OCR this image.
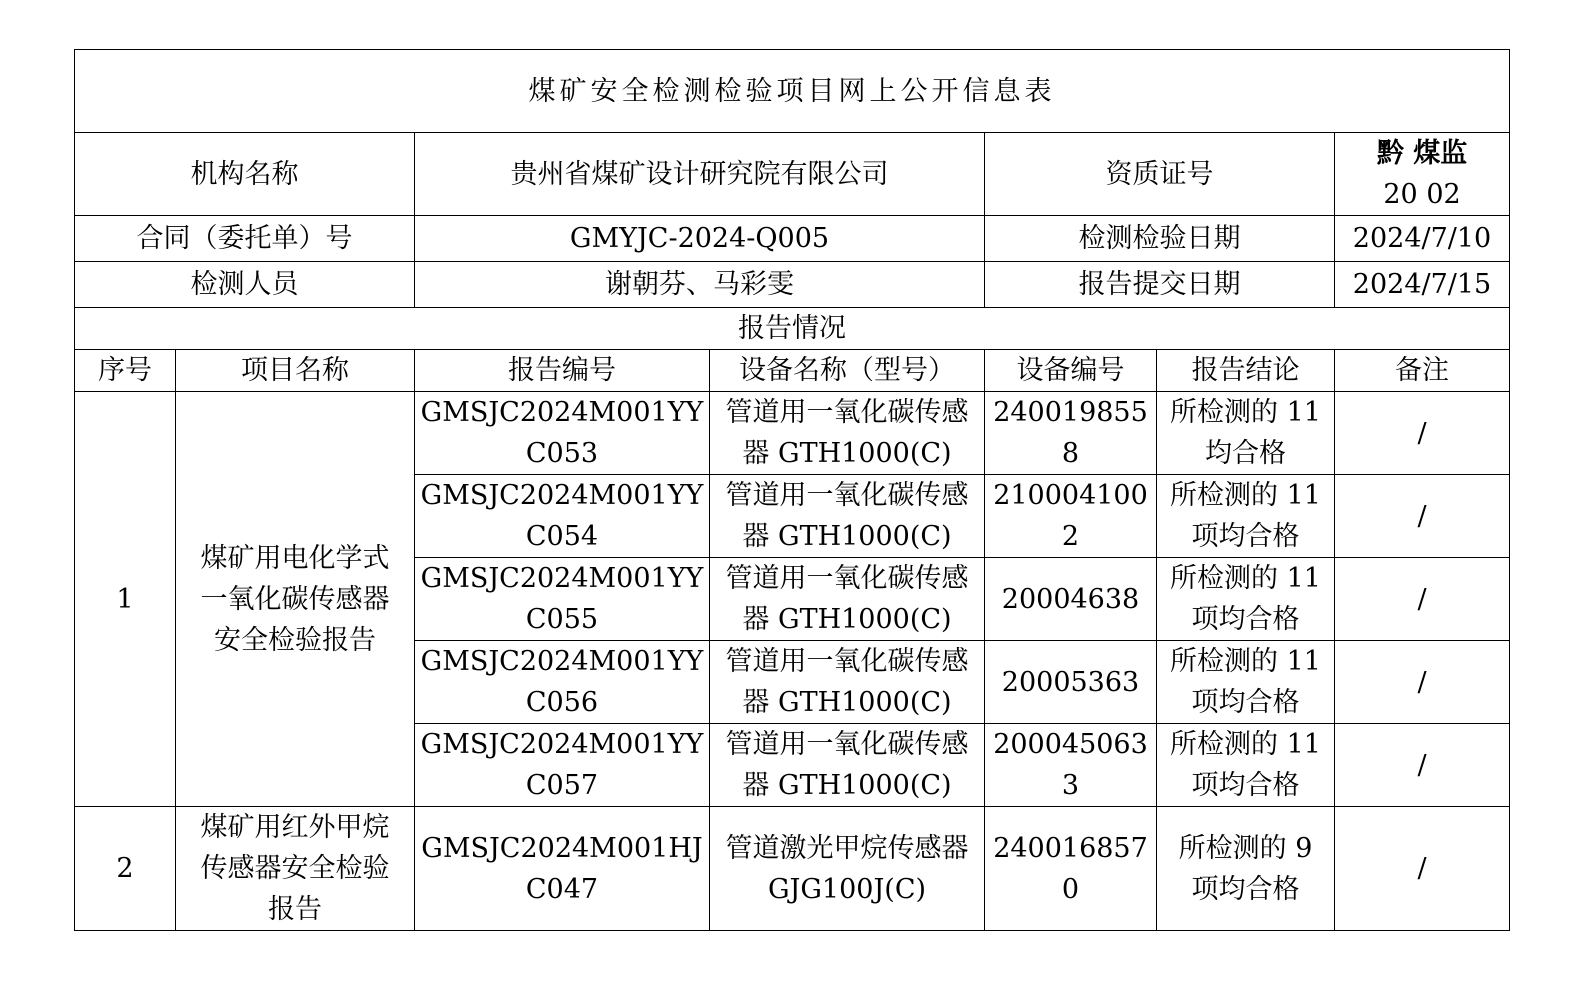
煤矿安全检测检验项目网上公开信息表						
机构名称		贵州省煤矿设计研究院有限公司		资质证号		黔 煤监
20 02

合同（委托单）号		GMYJC-2024-Q005		检测检验日期		2024/7/10
检测人员		谢朝芬、马彩雯		报告提交日期		2024/7/15
报告情况						
序号	项目名称	报告编号	设备名称（型号）	设备编号	报告结论	备注
1	煤矿用电化学式一氧化碳传感器安全检验报告	GMSJC2024M001YYC053	管道用一氧化碳传感器 GTH1000(C)	2400198558	所检测的 11 均合格	/
		GMSJC2024M001YYC054	管道用一氧化碳传感器 GTH1000(C)	2100041002	所检测的 11 项均合格	/
		GMSJC2024M001YYC055	管道用一氧化碳传感器 GTH1000(C)	20004638	所检测的 11 项均合格	/
		GMSJC2024M001YYC056	管道用一氧化碳传感器 GTH1000(C)	20005363	所检测的 11 项均合格	/
		GMSJC2024M001YYC057	管道用一氧化碳传感器 GTH1000(C)	2000450633	所检测的 11 项均合格	/
2	煤矿用红外甲烷传感器安全检验报告	GMSJC2024M001HJC047	管道激光甲烷传感器 GJG100J(C)	2400168570	所检测的 9 项均合格	/
